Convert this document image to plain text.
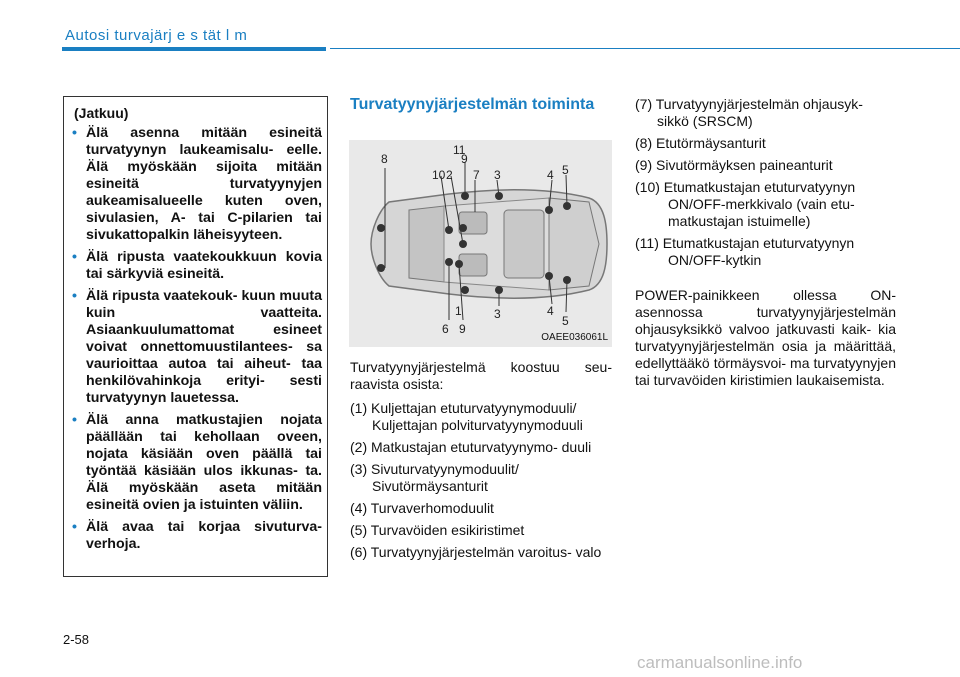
Autosi turvajärj e s tät l m
(Jatkuu)
• Älä asenna mitään esineitä turvatyynyn laukeamisalu- eelle. Älä myöskään sijoita mitään esineitä turvatyynyjen aukeamisalueelle kuten oven, sivulasien, A- tai C-pilarien tai sivukattopalkin läheisyyteen.
• Älä ripusta vaatekoukkuun kovia tai särkyviä esineitä.
• Älä ripusta vaatekouk- kuun muuta kuin vaatteita. Asiaankuulumattomat esineet voivat onnettomuustilantees- sa vaurioittaa autoa tai aiheut- taa henkilövahinkoja erityi- sesti turvatyynyn lauetessa.
• Älä anna matkustajien nojata päällään tai kehollaan oveen, nojata käsiään oven päällä tai työntää käsiään ulos ikkunas- ta. Älä myöskään aseta mitään esineitä ovien ja istuinten väliin.
• Älä avaa tai korjaa sivuturva- verhoja.
Turvatyynyjärjestelmän toiminta
8
11
10 2
9
7 3	4 5
1
6 9
3	4
5
OAEE036061L
Turvatyynyjärjestelmä koostuu seu- raavista osista:
(1) Kuljettajan etuturvatyynymoduuli/ Kuljettajan polviturvatyynymoduuli
(2) Matkustajan etuturvatyynymo- duuli
(3) Sivuturvatyynymoduulit/ Sivutörmäysanturit
(4) Turvaverhomoduulit
(5) Turvavöiden esikiristimet
(6) Turvatyynyjärjestelmän varoitus- valo
(7) Turvatyynyjärjestelmän ohjausyk- sikkö (SRSCM)
(8) Etutörmäysanturit
(9) Sivutörmäyksen paineanturit
(10) Etumatkustajan etuturvatyynyn ON/OFF-merkkivalo (vain etu- matkustajan istuimelle)
(11) Etumatkustajan etuturvatyynyn ON/OFF-kytkin
POWER-painikkeen ollessa ON- asennossa turvatyynyjärjestelmän ohjausyksikkö valvoo jatkuvasti kaik- kia turvatyynyjärjestelmän osia ja määrittää, edellyttääkö törmäysvoi- ma turvatyynyjen tai turvavöiden kiristimien laukaisemista.
2-58
carmanualsonline.info
